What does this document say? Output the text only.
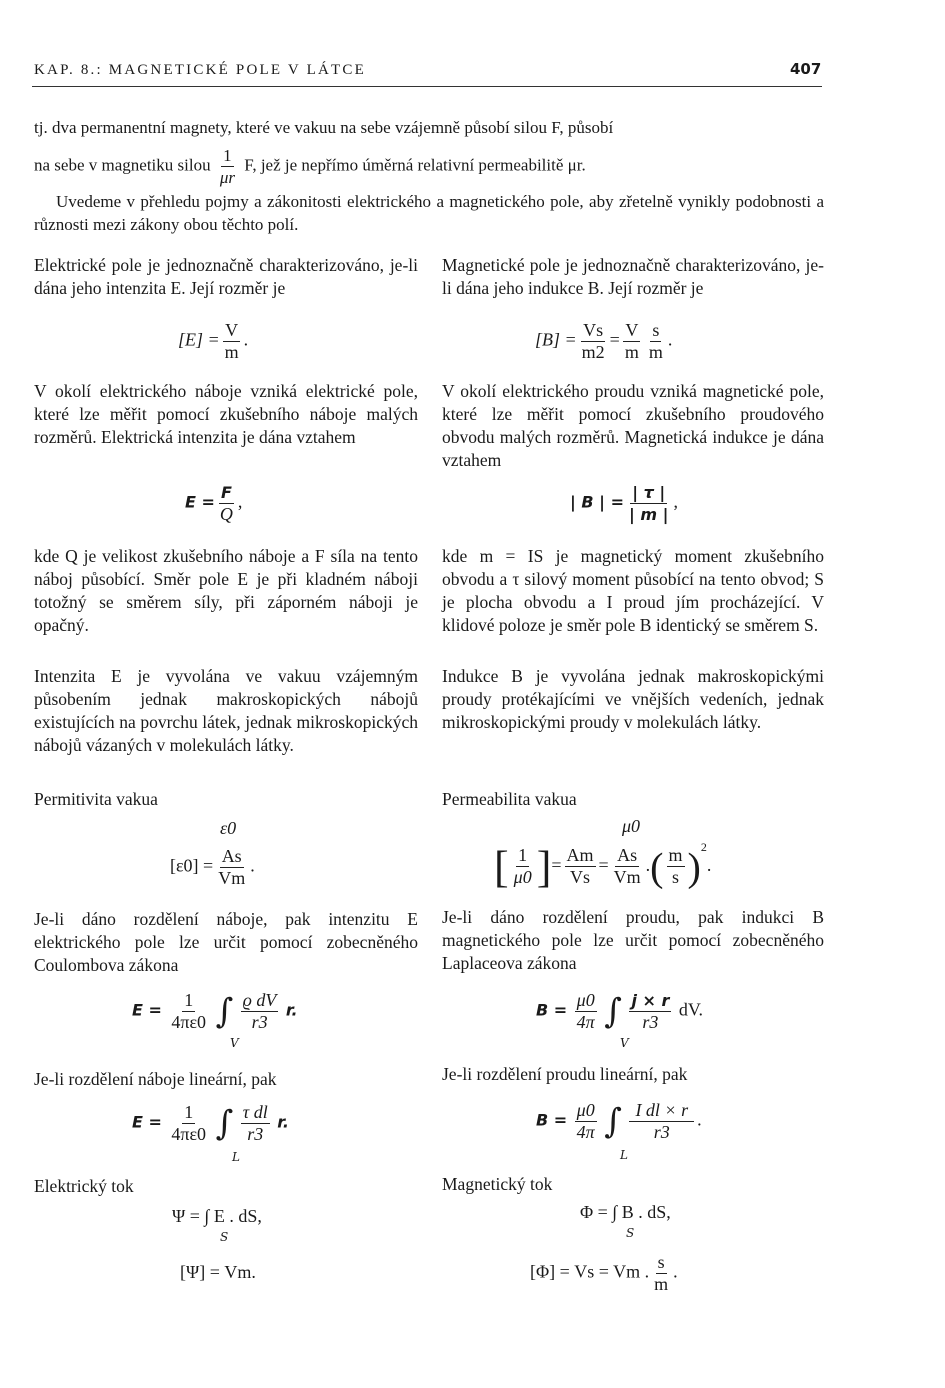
KAP. 8.: MAGNETICKÉ POLE V LÁTCE	407
tj. dva permanentní magnety, které ve vakuu na sebe vzájemně působí silou F, působí
na sebe v magnetiku silou $\frac{1}{\mu r} F$, jež je nepřímo úměrná relativní permeabilitě μr.
Uvedeme v přehledu pojmy a zákonitosti elektrického a magnetického pole, aby zřetelně vynikly podobnosti a různosti mezi zákony obou těchto polí.
Elektrické pole je jednoznačně charakterizováno, je-li dána jeho intenzita E. Její rozměr je
$[E] = \frac{V}{m}$ .
V okolí elektrického náboje vzniká elektrické pole, které lze měřit pomocí zkušebního náboje malých rozměrů. Elektrická intenzita je dána vztahem
$E = \frac{F}{Q}$ ,
kde Q je velikost zkušebního náboje a F síla na tento náboj působící. Směr pole E je při kladném náboji totožný se směrem síly, při záporném náboji je opačný.
Intenzita E je vyvolána ve vakuu vzájemným působením jednak makroskopických nábojů existujících na povrchu látek, jednak mikroskopických nábojů vázaných v molekulách látky.
Permitivita vakua
ε0
$[\varepsilon 0] = \frac{As}{Vm}$ .
Je-li dáno rozdělení náboje, pak intenzitu E elektrického pole lze určit pomocí zobecněného Coulombova zákona
$E = \frac{1}{4\pi\varepsilon 0}$ ∫ $\frac{\text{ϱ dV}}{r3} r$.
V
Je-li rozdělení náboje lineární, pak
$E = \frac{1}{4\pi\varepsilon 0}$ ∫ $\frac{\text{τ dl}}{r3} r$.
L
Elektrický tok
Ψ = ∫ E . dS,
S
[Ψ] = Vm.
Magnetické pole je jednoznačně charakterizováno, je-li dána jeho indukce B. Její rozměr je
$[B] = \frac{Vs}{m2} = \frac{V}{m} \frac{s}{m}$ .
V okolí elektrického proudu vzniká magnetické pole, které lze měřit pomocí zkušebního proudového obvodu malých rozměrů. Magnetická indukce je dána vztahem
| B | = $\frac{| \tau |}{| m |}$ ,
kde m = IS je magnetický moment zkušebního obvodu a τ silový moment působící na tento obvod; S je plocha obvodu a I proud jím procházející. V klidové poloze je směr pole B identický se směrem S.
Indukce B je vyvolána jednak makroskopickými proudy protékajícími ve vnějších vedeních, jednak mikroskopickými proudy v molekulách látky.
Permeabilita vakua
μ0
[ $\frac{1}{\mu 0}$ ]= $\frac{Am}{Vs} = \frac{As}{Vm}$ .( $\frac{m}{s} )^2$.
Je-li dáno rozdělení proudu, pak indukci B magnetického pole lze určit pomocí zobecněného Laplaceova zákona
$B = \frac{\mu 0}{4\pi}$ ∫ $\frac{j \times r}{r3}$ dV.
V
Je-li rozdělení proudu lineární, pak
$B = \frac{\mu 0}{4\pi}$ ∫ $\frac{\text{I dl × r}}{r3}$ .
L
Magnetický tok
Φ = ∫ B . dS,
S
[Φ] = Vs = Vm . $\frac{s}{m}$ .
